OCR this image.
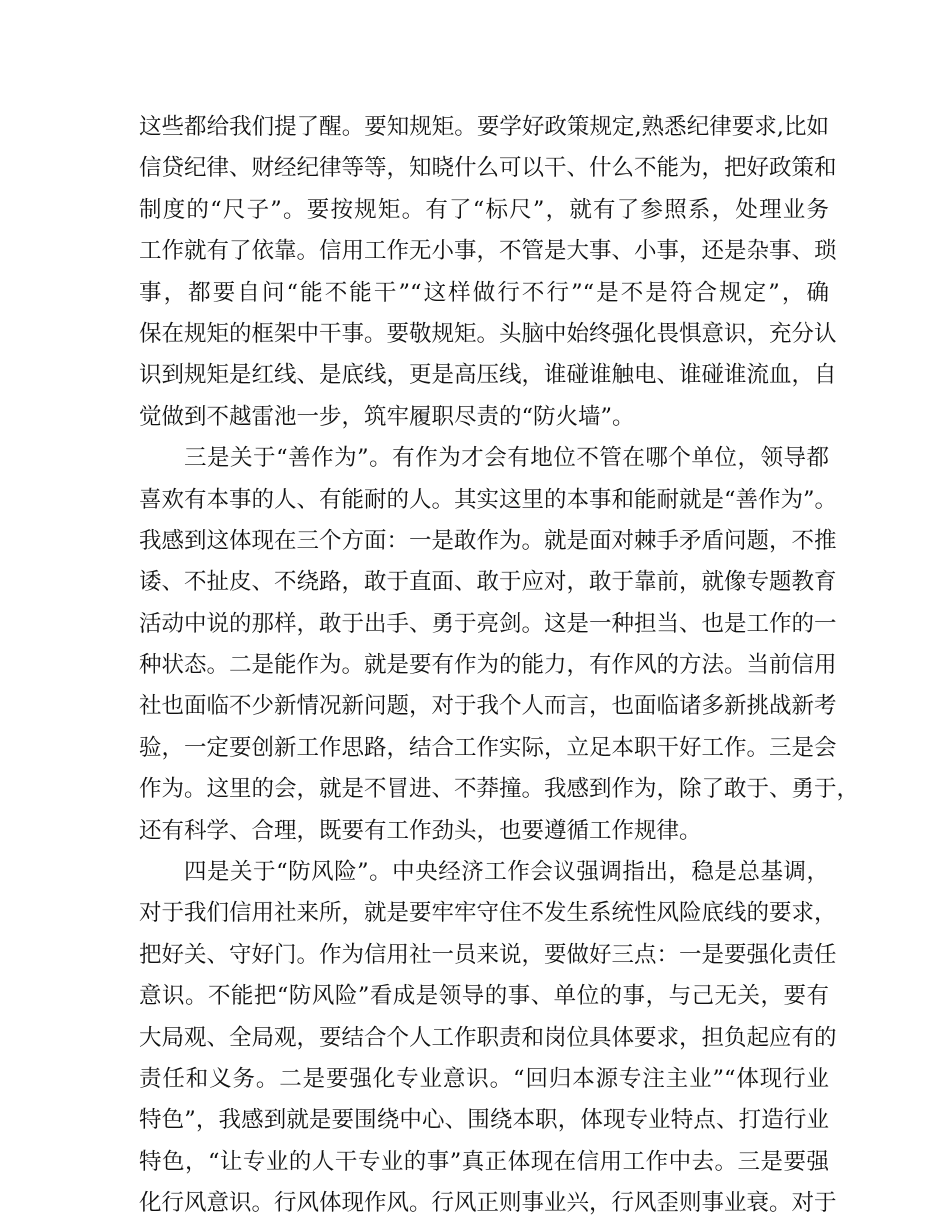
这些都给我们提了醒。要知规矩。要学好政策规定,熟悉纪律要求,比如
信贷纪律、财经纪律等等，知晓什么可以干、什么不能为，把好政策和
制度的“尺子”。要按规矩。有了“标尺”，就有了参照系，处理业务
工作就有了依靠。信用工作无小事，不管是大事、小事，还是杂事、琐
事，都要自问“能不能干”“这样做行不行”“是不是符合规定”，确
保在规矩的框架中干事。要敬规矩。头脑中始终强化畏惧意识，充分认
识到规矩是红线、是底线，更是高压线，谁碰谁触电、谁碰谁流血，自
觉做到不越雷池一步，筑牢履职尽责的“防火墙”。
三是关于“善作为”。有作为才会有地位不管在哪个单位，领导都
喜欢有本事的人、有能耐的人。其实这里的本事和能耐就是“善作为”。
我感到这体现在三个方面：一是敢作为。就是面对棘手矛盾问题，不推
诿、不扯皮、不绕路，敢于直面、敢于应对，敢于靠前，就像专题教育
活动中说的那样，敢于出手、勇于亮剑。这是一种担当、也是工作的一
种状态。二是能作为。就是要有作为的能力，有作风的方法。当前信用
社也面临不少新情况新问题，对于我个人而言，也面临诸多新挑战新考
验，一定要创新工作思路，结合工作实际，立足本职干好工作。三是会
作为。这里的会，就是不冒进、不莽撞。我感到作为，除了敢于、勇于，
还有科学、合理，既要有工作劲头，也要遵循工作规律。
四是关于“防风险”。中央经济工作会议强调指出，稳是总基调，
对于我们信用社来所，就是要牢牢守住不发生系统性风险底线的要求，
把好关、守好门。作为信用社一员来说，要做好三点：一是要强化责任
意识。不能把“防风险”看成是领导的事、单位的事，与己无关，要有
大局观、全局观，要结合个人工作职责和岗位具体要求，担负起应有的
责任和义务。二是要强化专业意识。“回归本源专注主业”“体现行业
特色”，我感到就是要围绕中心、围绕本职，体现专业特点、打造行业
特色，“让专业的人干专业的事”真正体现在信用工作中去。三是要强
化行风意识。行风体现作风。行风正则事业兴，行风歪则事业衰。对于
